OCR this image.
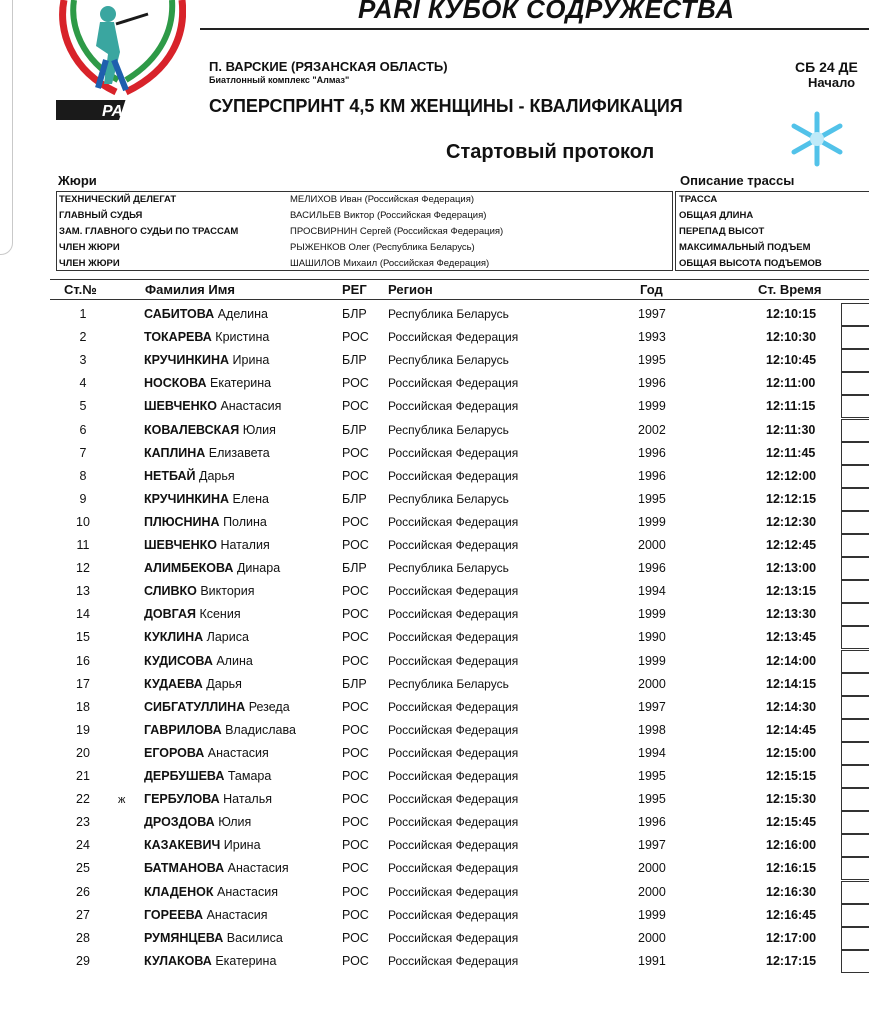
PARI
PARI КУБОК СОДРУЖЕСТВА
П. ВАРСКИЕ (РЯЗАНСКАЯ ОБЛАСТЬ)
Биатлонный комплекс "Алмаз"
СУПЕРСПРИНТ 4,5 КМ ЖЕНЩИНЫ - КВАЛИФИКАЦИЯ
СБ 24 ДЕ
Начало
Стартовый протокол
Жюри	Описание трассы
ТЕХНИЧЕСКИЙ ДЕЛЕГАТ	МЕЛИХОВ Иван (Российская Федерация)
ГЛАВНЫЙ СУДЬЯ	ВАСИЛЬЕВ Виктор (Российская Федерация)
ЗАМ. ГЛАВНОГО СУДЬИ ПО ТРАССАМ	ПРОСВИРНИН Сергей (Российская Федерация)
ЧЛЕН ЖЮРИ	РЫЖЕНКОВ Олег (Республика Беларусь)
ЧЛЕН ЖЮРИ	ШАШИЛОВ Михаил (Российская Федерация)
ТРАССА
ОБЩАЯ ДЛИНА
ПЕРЕПАД ВЫСОТ
МАКСИМАЛЬНЫЙ ПОДЪЕМ
ОБЩАЯ ВЫСОТА ПОДЪЕМОВ
Ст.№	Фамилия Имя	РЕГ Регион	Год	Ст. Время
1	САБИТОВА Аделина	БЛР Республика Беларусь	1997	12:10:15
2	ТОКАРЕВА Кристина	РОС Российская Федерация	1993	12:10:30
3	КРУЧИНКИНА Ирина	БЛР Республика Беларусь	1995	12:10:45
4	НОСКОВА Екатерина	РОС Российская Федерация	1996	12:11:00
5	ШЕВЧЕНКО Анастасия	РОС Российская Федерация	1999	12:11:15
6	КОВАЛЕВСКАЯ Юлия	БЛР Республика Беларусь	2002	12:11:30
7	КАПЛИНА Елизавета	РОС Российская Федерация	1996	12:11:45
8	НЕТБАЙ Дарья	РОС Российская Федерация	1996	12:12:00
9	КРУЧИНКИНА Елена	БЛР Республика Беларусь	1995	12:12:15
10	ПЛЮСНИНА Полина	РОС Российская Федерация	1999	12:12:30
11	ШЕВЧЕНКО Наталия	РОС Российская Федерация	2000	12:12:45
12	АЛИМБЕКОВА Динара	БЛР Республика Беларусь	1996	12:13:00
13	СЛИВКО Виктория	РОС Российская Федерация	1994	12:13:15
14	ДОВГАЯ Ксения	РОС Российская Федерация	1999	12:13:30
15	КУКЛИНА Лариса	РОС Российская Федерация	1990	12:13:45
16	КУДИСОВА Алина	РОС Российская Федерация	1999	12:14:00
17	КУДАЕВА Дарья	БЛР Республика Беларусь	2000	12:14:15
18	СИБГАТУЛЛИНА Резеда	РОС Российская Федерация	1997	12:14:30
19	ГАВРИЛОВА Владислава	РОС Российская Федерация	1998	12:14:45
20	ЕГОРОВА Анастасия	РОС Российская Федерация	1994	12:15:00
21	ДЕРБУШЕВА Тамара	РОС Российская Федерация	1995	12:15:15
22	ж ГЕРБУЛОВА Наталья	РОС Российская Федерация	1995	12:15:30
23	ДРОЗДОВА Юлия	РОС Российская Федерация	1996	12:15:45
24	КАЗАКЕВИЧ Ирина	РОС Российская Федерация	1997	12:16:00
25	БАТМАНОВА Анастасия	РОС Российская Федерация	2000	12:16:15
26	КЛАДЕНОК Анастасия	РОС Российская Федерация	2000	12:16:30
27	ГОРЕЕВА Анастасия	РОС Российская Федерация	1999	12:16:45
28	РУМЯНЦЕВА Василиса	РОС Российская Федерация	2000	12:17:00
29	КУЛАКОВА Екатерина	РОС Российская Федерация	1991	12:17:15
